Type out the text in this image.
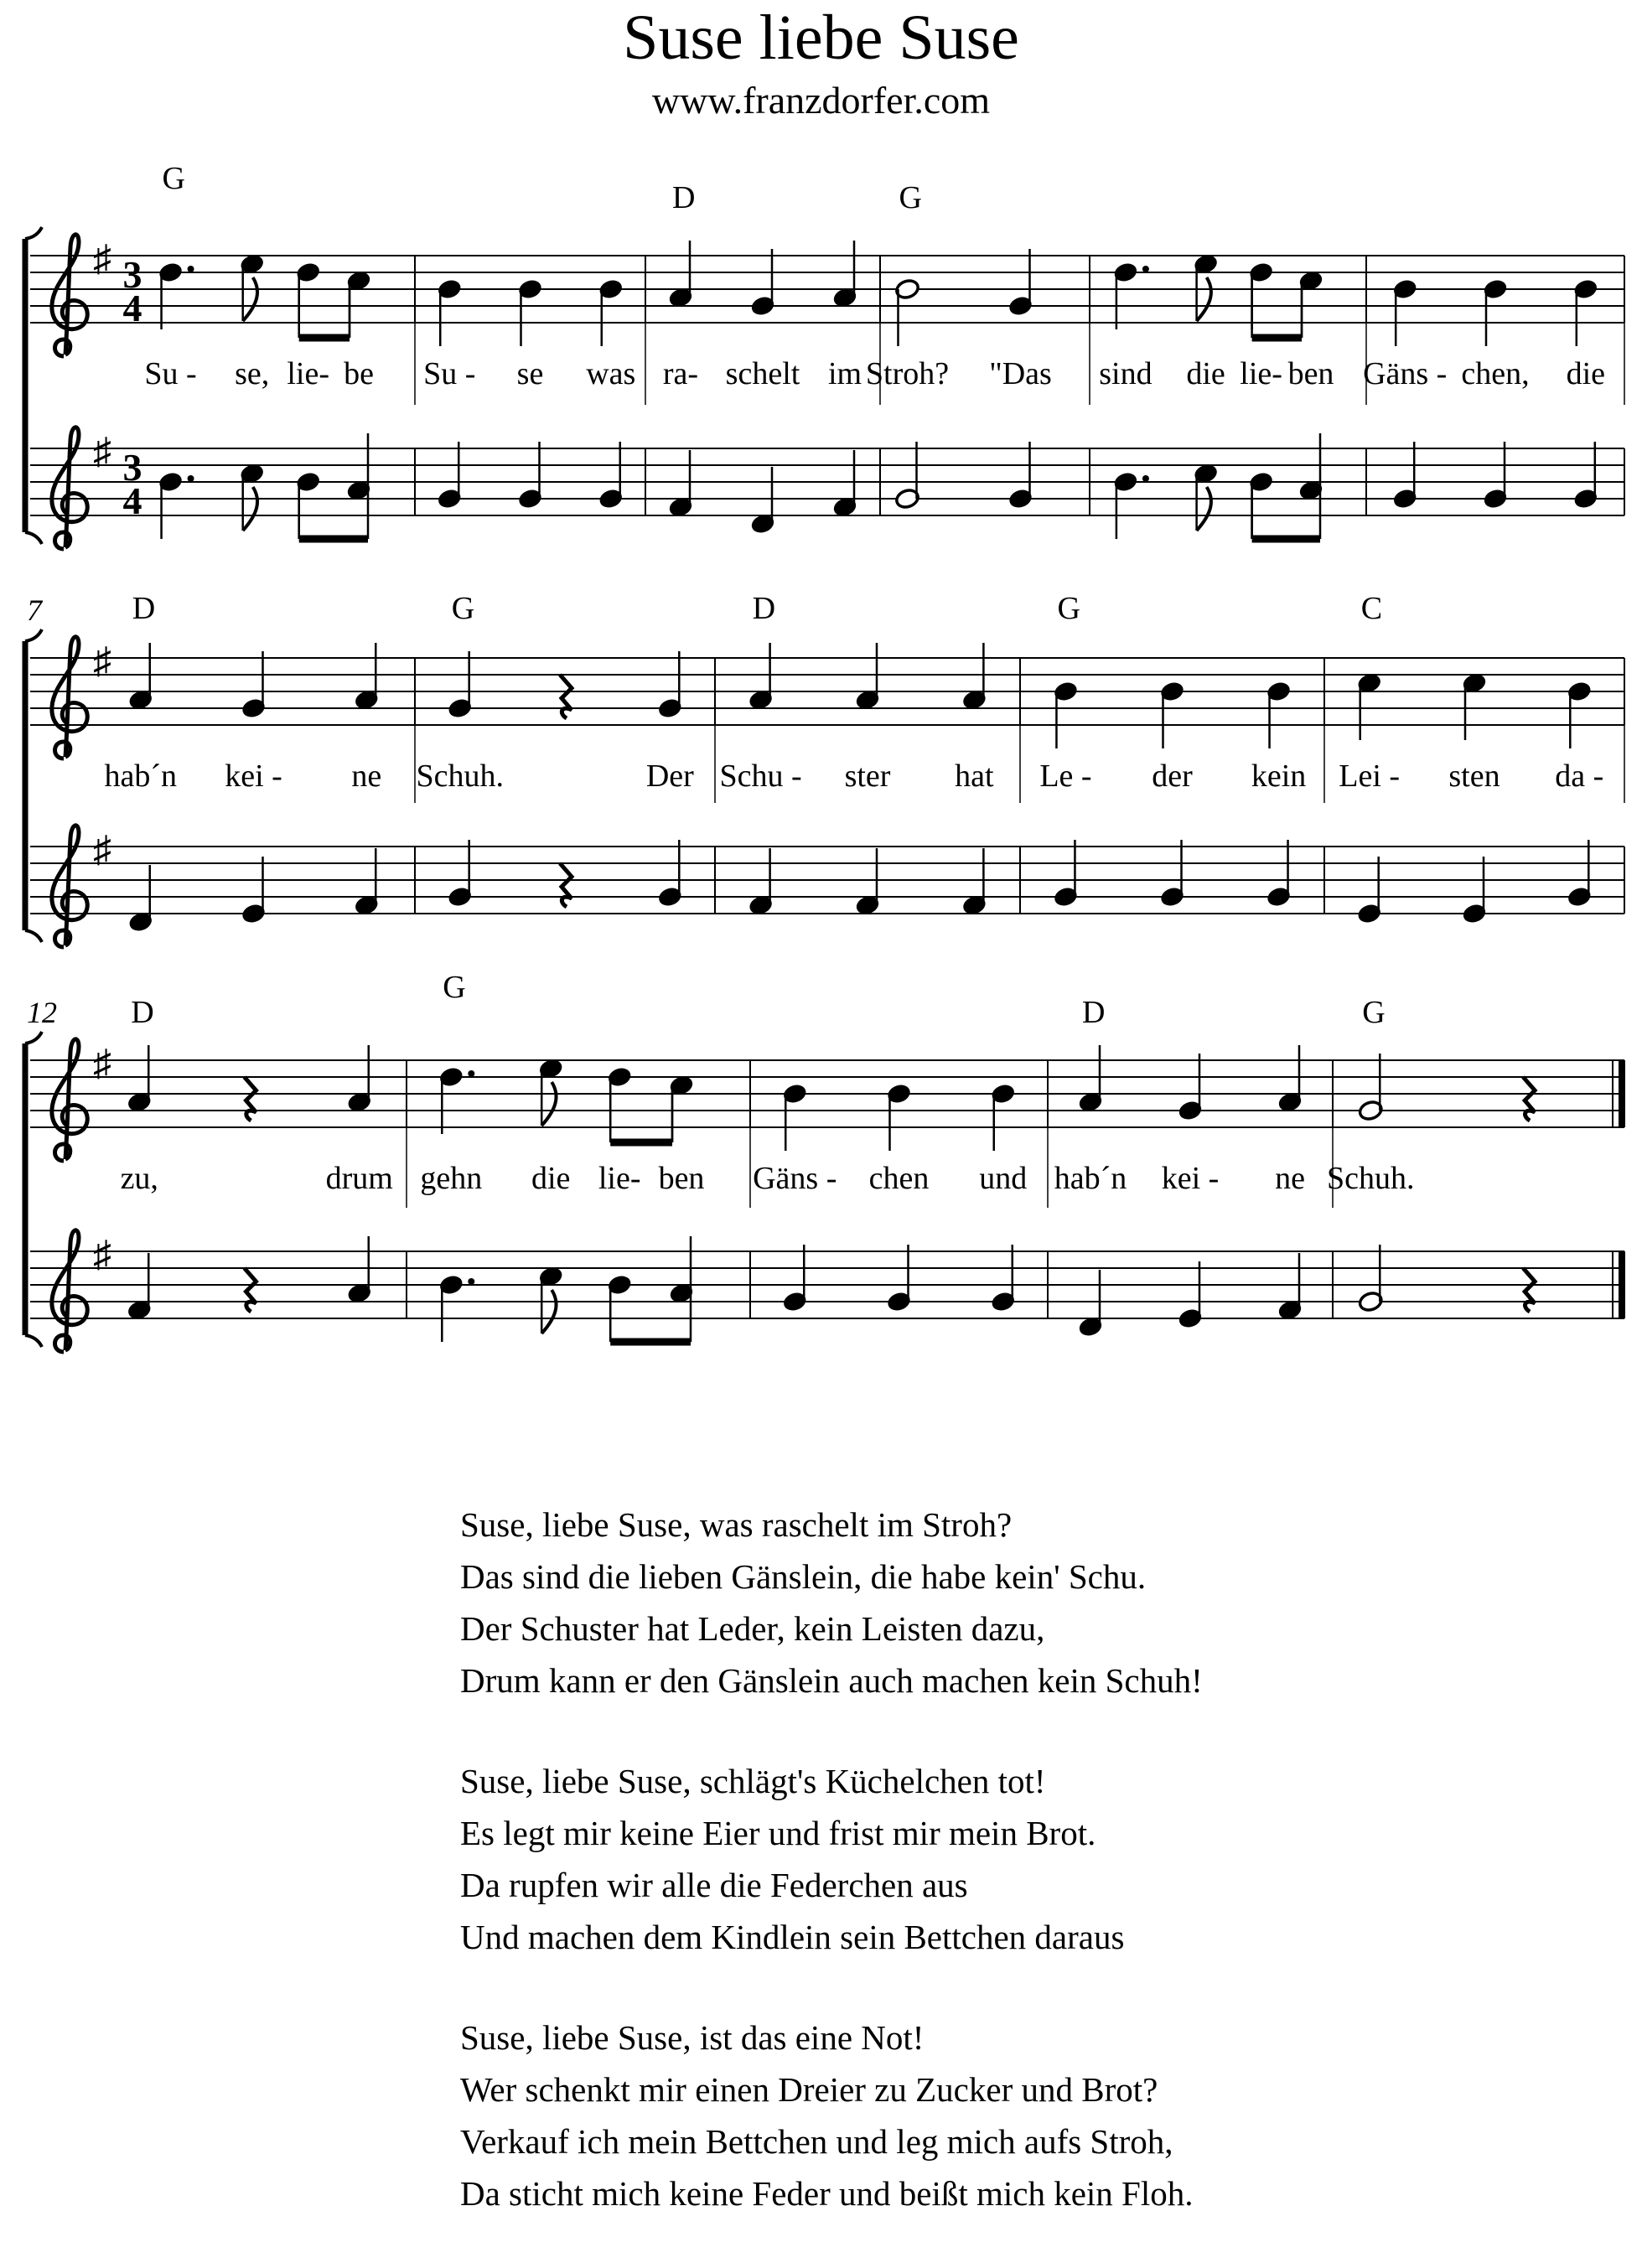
Suse liebe Suse
www.franzdorfer.com
♯ 3
4
♯ 3
4
G
Su - se, lie- be Su - se was
D
ra- schelt im
G
Stroh? "Das sind die lie- ben Gäns - chen, die
♯
♯
7	D
hab´n kei - ne
G
Schuh.	Der
D
Schu - ster hat
G
Le - der kein
C
Lei - sten da -
♯
♯
12 D
zu,	drum
G
gehn die lie- ben Gäns - chen und
D
hab´n kei - ne
G
Schuh.
Suse, liebe Suse, was raschelt im Stroh?
Das sind die lieben Gänslein, die habe kein' Schu.
Der Schuster hat Leder, kein Leisten dazu,
Drum kann er den Gänslein auch machen kein Schuh!
Suse, liebe Suse, schlägt's Küchelchen tot!
Es legt mir keine Eier und frist mir mein Brot.
Da rupfen wir alle die Federchen aus
Und machen dem Kindlein sein Bettchen daraus
Suse, liebe Suse, ist das eine Not!
Wer schenkt mir einen Dreier zu Zucker und Brot?
Verkauf ich mein Bettchen und leg mich aufs Stroh,
Da sticht mich keine Feder und beißt mich kein Floh.
